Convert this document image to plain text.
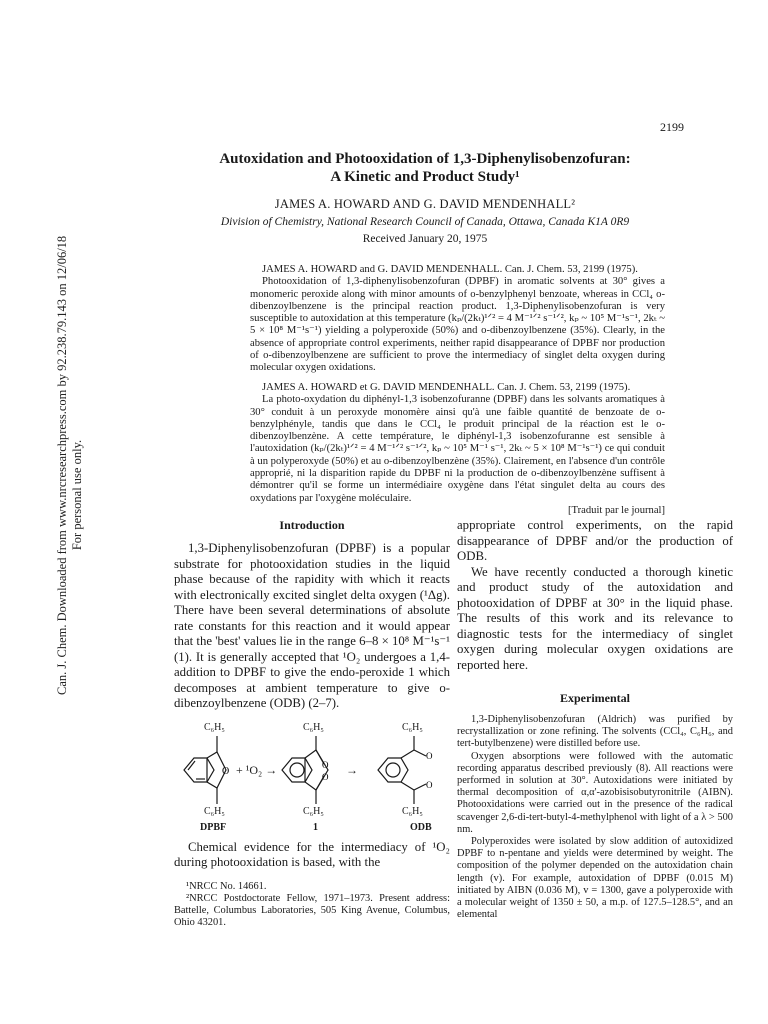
Can. J. Chem. Downloaded from www.nrcresearchpress.com by 92.238.79.143 on 12/06/18 For personal use only.
2199
Autoxidation and Photooxidation of 1,3-Diphenylisobenzofuran:
A Kinetic and Product Study¹
JAMES A. HOWARD AND G. DAVID MENDENHALL²
Division of Chemistry, National Research Council of Canada, Ottawa, Canada K1A 0R9
Received January 20, 1975

JAMES A. HOWARD and G. DAVID MENDENHALL. Can. J. Chem. 53, 2199 (1975).

Photooxidation of 1,3-diphenylisobenzofuran (DPBF) in aromatic solvents at 30° gives a monomeric peroxide along with minor amounts of o-benzylphenyl benzoate, whereas in CCl₄ o-dibenzoylbenzene is the principal reaction product. 1,3-Diphenylisobenzofuran is very susceptible to autoxidation at this temperature (kₚ/(2kₜ)¹ᐟ² = 4 M⁻¹ᐟ² s⁻¹ᐟ², kₚ ~ 10⁵ M⁻¹s⁻¹, 2kₜ ~ 5 × 10⁸ M⁻¹s⁻¹) yielding a polyperoxide (50%) and o-dibenzoylbenzene (35%). Clearly, in the absence of appropriate control experiments, neither rapid disappearance of DPBF nor production of o-dibenzoylbenzene are sufficient to prove the intermediacy of singlet delta oxygen during molecular oxygen oxidations.

JAMES A. HOWARD et G. DAVID MENDENHALL. Can. J. Chem. 53, 2199 (1975).

La photo-oxydation du diphényl-1,3 isobenzofuranne (DPBF) dans les solvants aromatiques à 30° conduit à un peroxyde monomère ainsi qu'à une faible quantité de benzoate de o-benzylphényle, tandis que dans le CCl₄ le produit principal de la réaction est le o-dibenzoylbenzène. A cette température, le diphényl-1,3 isobenzofuranne est sensible à l'autoxidation (kₚ/(2kₜ)¹ᐟ² = 4 M⁻¹ᐟ² s⁻¹ᐟ², kₚ ~ 10⁵ M⁻¹ s⁻¹, 2kₜ ~ 5 × 10⁸ M⁻¹s⁻¹) ce qui conduit à un polyperoxyde (50%) et au o-dibenzoylbenzène (35%). Clairement, en l'absence d'un contrôle approprié, ni la disparition rapide du DPBF ni la production de o-dibenzoylbenzène suffisent à démontrer qu'il se forme un intermédiaire oxygène dans l'état singulet delta au cours des oxydations par l'oxygène moléculaire.

[Traduit par le journal]

Introduction

1,3-Diphenylisobenzofuran (DPBF) is a popular substrate for photooxidation studies in the liquid phase because of the rapidity with which it reacts with electronically excited singlet delta oxygen (¹Δg). There have been several determinations of absolute rate constants for this reaction and it would appear that the 'best' values lie in the range 6–8 × 10⁸ M⁻¹s⁻¹ (1). It is generally accepted that ¹O₂ undergoes a 1,4-addition to DPBF to give the endo-peroxide 1 which decomposes at ambient temperature to give o-dibenzoylbenzene (ODB) (2–7).

O
O
O
O
O
C₆H₅	C₆H₅	C₆H₅
C₆H₅	C₆H₅	C₆H₅
+ ¹O₂ →	→
DPBF	1	ODB

Chemical evidence for the intermediacy of ¹O₂ during photooxidation is based, with the

¹NRCC No. 14661.

²NRCC Postdoctorate Fellow, 1971–1973. Present address: Battelle, Columbus Laboratories, 505 King Avenue, Columbus, Ohio 43201.

appropriate control experiments, on the rapid disappearance of DPBF and/or the production of ODB.

We have recently conducted a thorough kinetic and product study of the autoxidation and photooxidation of DPBF at 30° in the liquid phase. The results of this work and its relevance to diagnostic tests for the intermediacy of singlet oxygen during molecular oxygen oxidations are reported here.

Experimental

1,3-Diphenylisobenzofuran (Aldrich) was purified by recrystallization or zone refining. The solvents (CCl₄, C₆H₆, and tert-butylbenzene) were distilled before use.

Oxygen absorptions were followed with the automatic recording apparatus described previously (8). All reactions were performed in solution at 30°. Autoxidations were initiated by thermal decomposition of α,α'-azobisisobutyronitrile (AIBN). Photooxidations were carried out in the presence of the radical scavenger 2,6-di-tert-butyl-4-methylphenol with light of a λ > 500 nm.

Polyperoxides were isolated by slow addition of autoxidized DPBF to n-pentane and yields were determined by weight. The composition of the polymer depended on the autoxidation chain length (v). For example, autoxidation of DPBF (0.015 M) initiated by AIBN (0.036 M), v = 1300, gave a polyperoxide with a molecular weight of 1350 ± 50, a m.p. of 127.5–128.5°, and an elemental
